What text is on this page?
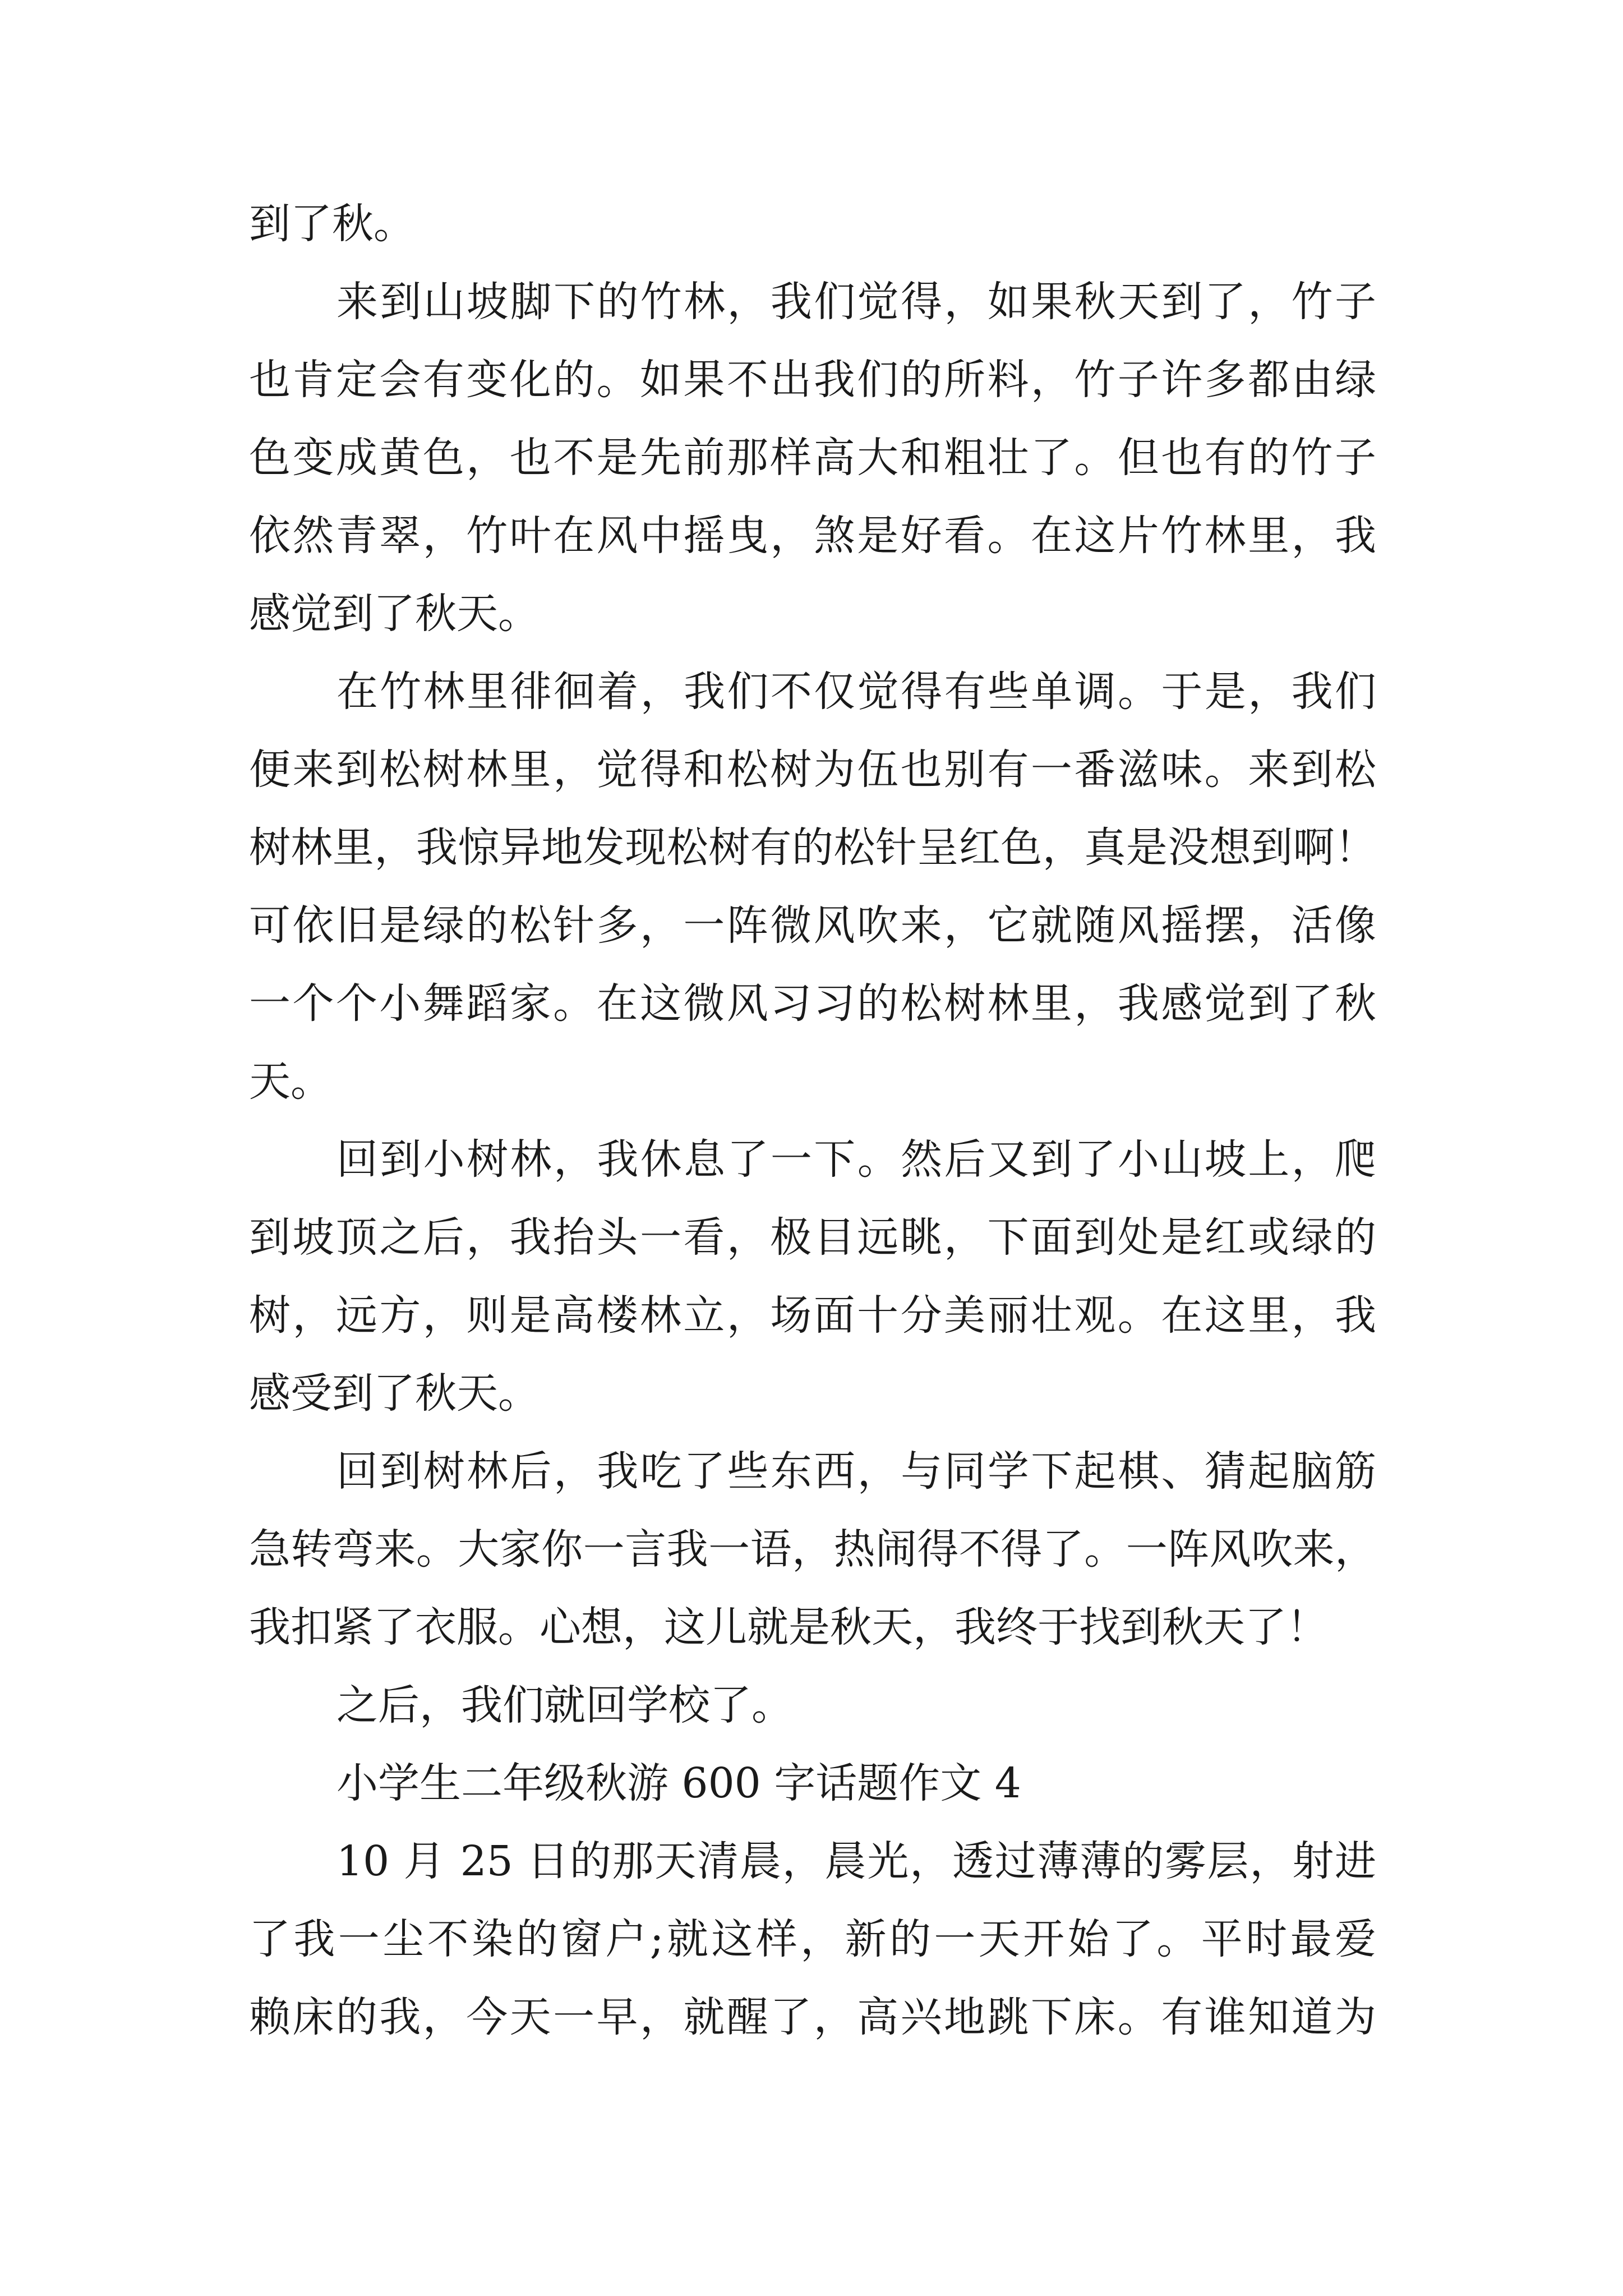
到了秋。
来到山坡脚下的竹林，我们觉得，如果秋天到了，竹子
也肯定会有变化的。如果不出我们的所料，竹子许多都由绿
色变成黄色，也不是先前那样高大和粗壮了。但也有的竹子
依然青翠，竹叶在风中摇曳，煞是好看。在这片竹林里，我
感觉到了秋天。
在竹林里徘徊着，我们不仅觉得有些单调。于是，我们
便来到松树林里，觉得和松树为伍也别有一番滋味。来到松
树林里，我惊异地发现松树有的松针呈红色，真是没想到啊！
可依旧是绿的松针多，一阵微风吹来，它就随风摇摆，活像
一个个小舞蹈家。在这微风习习的松树林里，我感觉到了秋
天。
回到小树林，我休息了一下。然后又到了小山坡上，爬
到坡顶之后，我抬头一看，极目远眺，下面到处是红或绿的
树，远方，则是高楼林立，场面十分美丽壮观。在这里，我
感受到了秋天。
回到树林后，我吃了些东西，与同学下起棋、猜起脑筋
急转弯来。大家你一言我一语，热闹得不得了。一阵风吹来，
我扣紧了衣服。心想，这儿就是秋天，我终于找到秋天了！
之后，我们就回学校了。
小学生二年级秋游 600 字话题作文 4
10 月 25 日的那天清晨，晨光，透过薄薄的雾层，射进
了我一尘不染的窗户;就这样，新的一天开始了。平时最爱
赖床的我，今天一早，就醒了，高兴地跳下床。有谁知道为
